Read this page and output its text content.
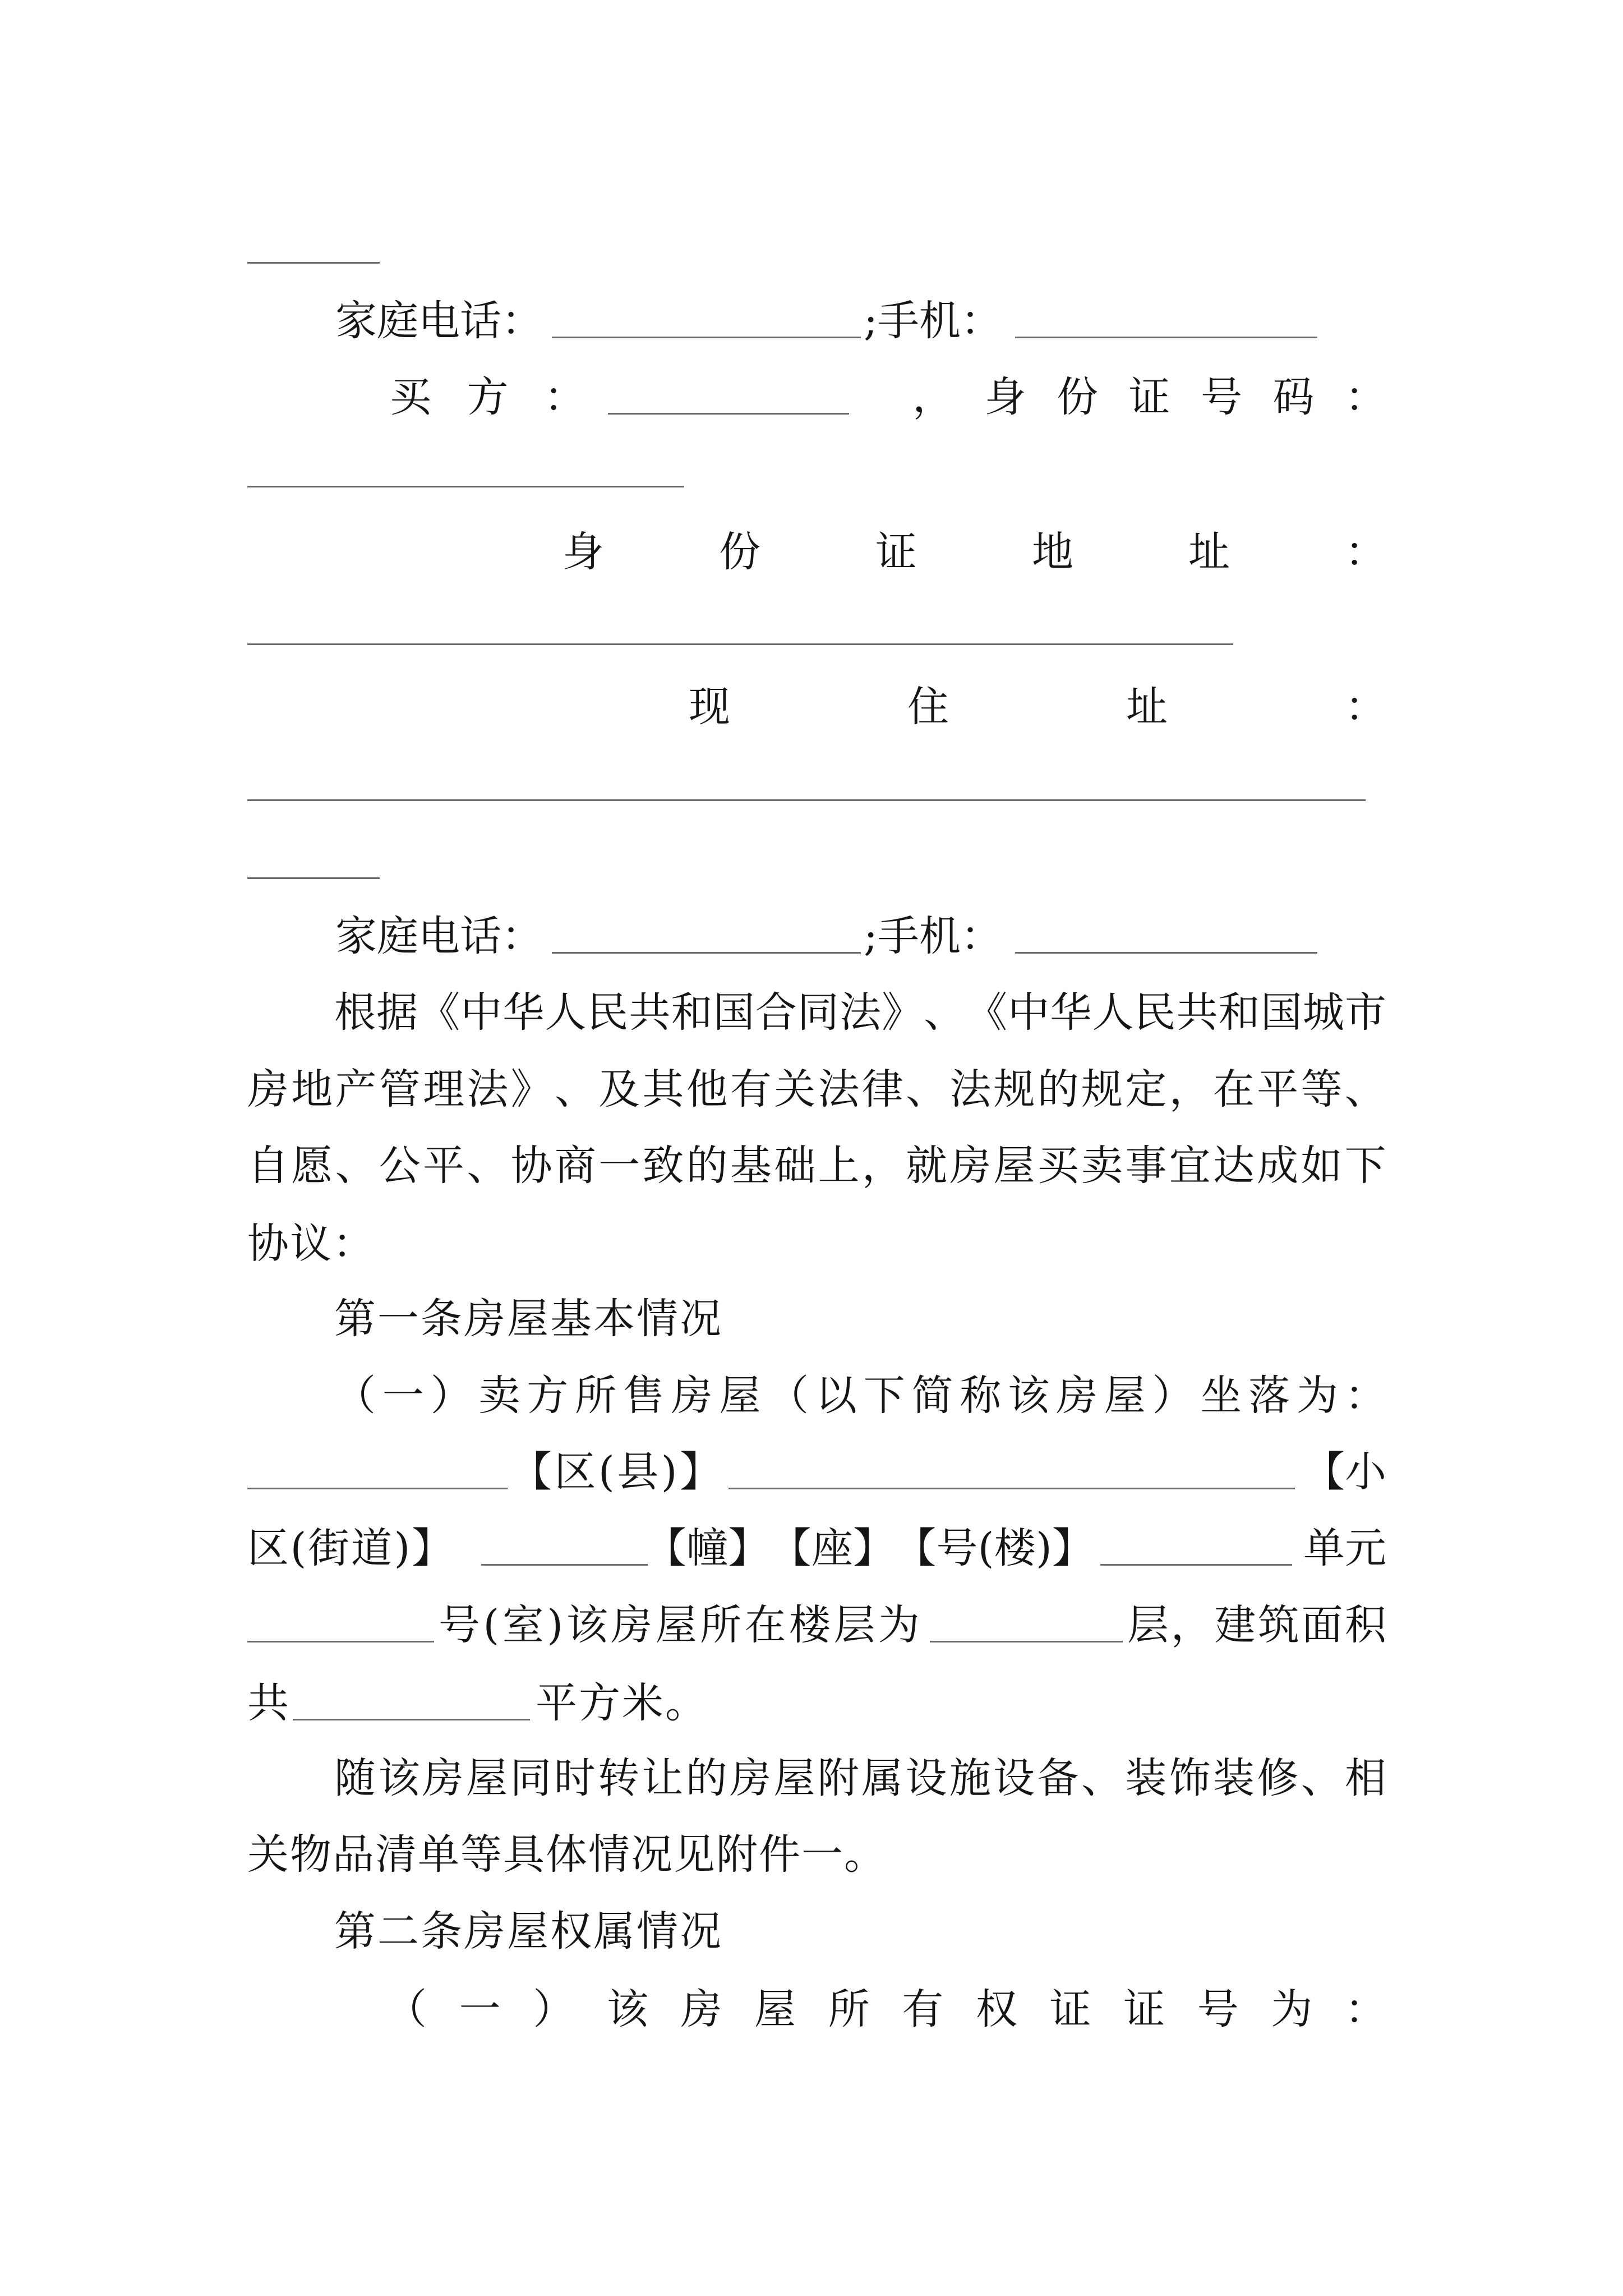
家庭电话：	;手机：
买 方 ：	， 身 份 证 号 码 ：
身	份	证	地	址	：
现	住	址	：
家庭电话：	;手机：
根 据 《 中 华 人 民 共 和 国 合 同 法 》 、 《 中 华 人 民 共 和 国 城 市
房 地 产 管 理 法 》 、 及 其 他 有 关 法 律 、 法 规 的 规 定 ， 在 平 等 、
自 愿 、 公 平 、 协 商 一 致 的 基 础 上 ， 就 房 屋 买 卖 事 宜 达 成 如 下
协议：
第一条房屋基本情况
（ 一 ） 卖 方 所 售 房 屋 （ 以 下 简 称 该 房 屋 ） 坐 落 为 ：
【 区 ( 县 ) 】	【小
区 ( 街 道 ) 】	【 幢 】 【 座 】 【 号 ( 楼 ) 】	单元
号 ( 室 ) 该 房 屋 所 在 楼 层 为	层 ， 建 筑 面 积
共	平方米。
随 该 房 屋 同 时 转 让 的 房 屋 附 属 设 施 设 备 、 装 饰 装 修 、 相
关物品清单等具体情况见附件一。
第二条房屋权属情况
（ 一 ） 该 房 屋 所 有 权 证 证 号 为 ：
